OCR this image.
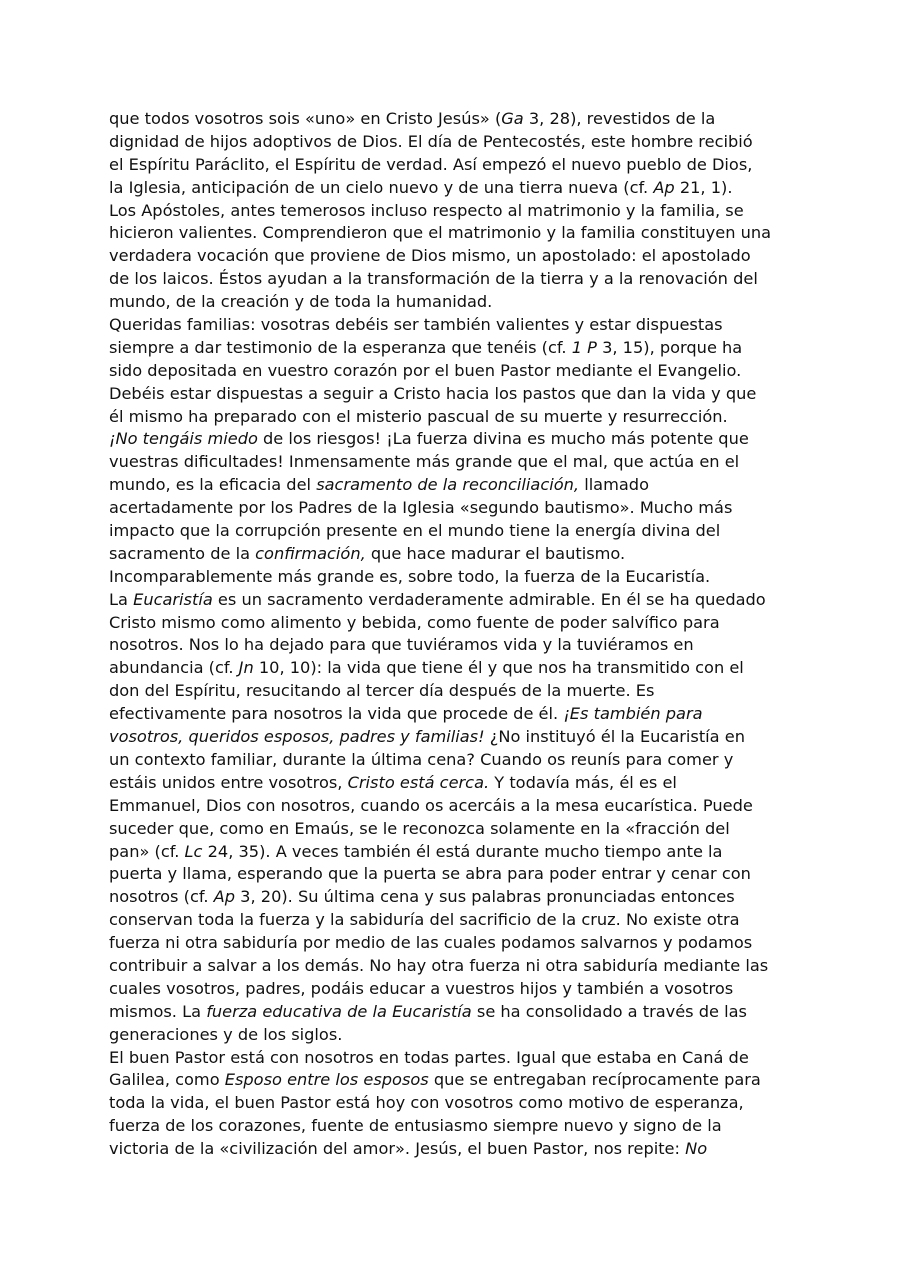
que todos vosotros sois «uno» en Cristo Jesús» (Ga 3, 28), revestidos de la
dignidad de hijos adoptivos de Dios. El día de Pentecostés, este hombre recibió
el Espíritu Paráclito, el Espíritu de verdad. Así empezó el nuevo pueblo de Dios,
la Iglesia, anticipación de un cielo nuevo y de una tierra nueva (cf. Ap 21, 1).
Los Apóstoles, antes temerosos incluso respecto al matrimonio y la familia, se
hicieron valientes. Comprendieron que el matrimonio y la familia constituyen una
verdadera vocación que proviene de Dios mismo, un apostolado: el apostolado
de los laicos. Éstos ayudan a la transformación de la tierra y a la renovación del
mundo, de la creación y de toda la humanidad.
Queridas familias: vosotras debéis ser también valientes y estar dispuestas
siempre a dar testimonio de la esperanza que tenéis (cf. 1 P 3, 15), porque ha
sido depositada en vuestro corazón por el buen Pastor mediante el Evangelio.
Debéis estar dispuestas a seguir a Cristo hacia los pastos que dan la vida y que
él mismo ha preparado con el misterio pascual de su muerte y resurrección.
¡No tengáis miedo de los riesgos! ¡La fuerza divina es mucho más potente que
vuestras dificultades! Inmensamente más grande que el mal, que actúa en el
mundo, es la eficacia del sacramento de la reconciliación, llamado
acertadamente por los Padres de la Iglesia «segundo bautismo». Mucho más
impacto que la corrupción presente en el mundo tiene la energía divina del
sacramento de la confirmación, que hace madurar el bautismo.
Incomparablemente más grande es, sobre todo, la fuerza de la Eucaristía.
La Eucaristía es un sacramento verdaderamente admirable. En él se ha quedado
Cristo mismo como alimento y bebida, como fuente de poder salvífico para
nosotros. Nos lo ha dejado para que tuviéramos vida y la tuviéramos en
abundancia (cf. Jn 10, 10): la vida que tiene él y que nos ha transmitido con el
don del Espíritu, resucitando al tercer día después de la muerte. Es
efectivamente para nosotros la vida que procede de él. ¡Es también para
vosotros, queridos esposos, padres y familias! ¿No instituyó él la Eucaristía en
un contexto familiar, durante la última cena? Cuando os reunís para comer y
estáis unidos entre vosotros, Cristo está cerca. Y todavía más, él es el
Emmanuel, Dios con nosotros, cuando os acercáis a la mesa eucarística. Puede
suceder que, como en Emaús, se le reconozca solamente en la «fracción del
pan» (cf. Lc 24, 35). A veces también él está durante mucho tiempo ante la
puerta y llama, esperando que la puerta se abra para poder entrar y cenar con
nosotros (cf. Ap 3, 20). Su última cena y sus palabras pronunciadas entonces
conservan toda la fuerza y la sabiduría del sacrificio de la cruz. No existe otra
fuerza ni otra sabiduría por medio de las cuales podamos salvarnos y podamos
contribuir a salvar a los demás. No hay otra fuerza ni otra sabiduría mediante las
cuales vosotros, padres, podáis educar a vuestros hijos y también a vosotros
mismos. La fuerza educativa de la Eucaristía se ha consolidado a través de las
generaciones y de los siglos.
El buen Pastor está con nosotros en todas partes. Igual que estaba en Caná de
Galilea, como Esposo entre los esposos que se entregaban recíprocamente para
toda la vida, el buen Pastor está hoy con vosotros como motivo de esperanza,
fuerza de los corazones, fuente de entusiasmo siempre nuevo y signo de la
victoria de la «civilización del amor». Jesús, el buen Pastor, nos repite: No
